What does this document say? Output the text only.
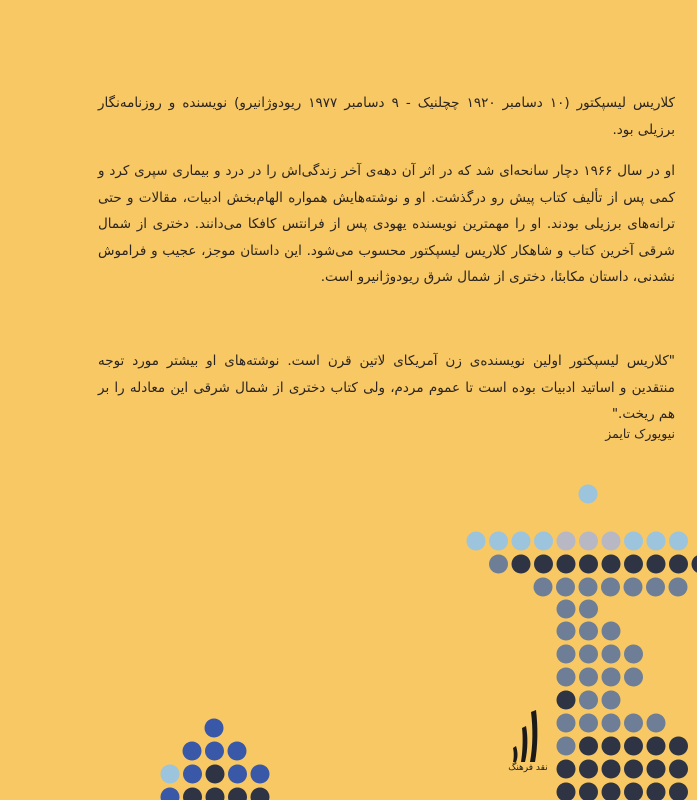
کلاریس لیسپکتور (۱۰ دسامبر ۱۹۲۰ چچلنیک - ۹ دسامبر ۱۹۷۷ ریودوژانیرو) نویسنده و روزنامه‌نگار برزیلی بود.

او در سال ۱۹۶۶ دچار سانحه‌ای شد که در اثر آن دهه‌ی آخر زندگی‌اش را در درد و بیماری سپری کرد و کمی پس از تألیف کتاب پیش رو درگذشت. او و نوشته‌هایش همواره الهام‌بخش ادبیات، مقالات و حتی ترانه‌های برزیلی بودند. او را مهمترین نویسنده یهودی پس از فرانتس کافکا می‌دانند. دختری از شمال شرقی آخرین کتاب و شاهکار کلاریس لیسپکتور محسوب می‌شود. این داستان موجز، عجیب و فراموش نشدنی، داستان مکابئا، دختری از شمال شرق ریودوژانیرو است.

"کلاریس لیسپکتور اولین نویسنده‌ی زن آمریکای لاتین قرن است. نوشته‌های او بیشتر مورد توجه منتقدین و اساتید ادبیات بوده است تا عموم مردم، ولی کتاب دختری از شمال شرقی این معادله را بر هم ریخت."

نیویورک تایمز
نقد فرهنگ
